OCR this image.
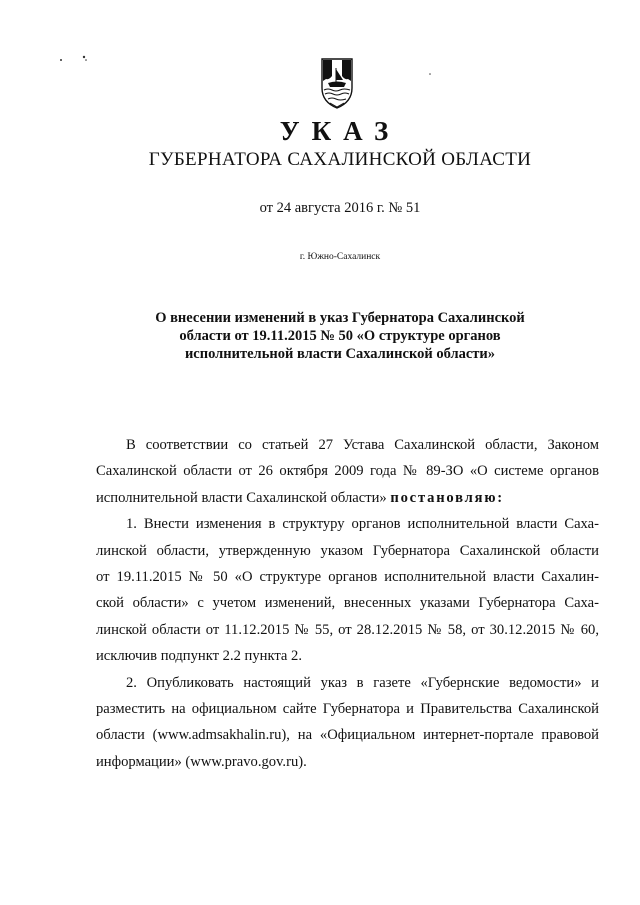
УКАЗ
ГУБЕРНАТОРА САХАЛИНСКОЙ ОБЛАСТИ
от 24 августа 2016 г. № 51
г. Южно-Сахалинск
О внесении изменений в указ Губернатора Сахалинской
области от 19.11.2015 № 50 «О структуре органов
исполнительной власти Сахалинской области»
В соответствии со статьей 27 Устава Сахалинской области, Законом
Сахалинской области от 26 октября 2009 года № 89-ЗО «О системе органов
исполнительной власти Сахалинской области» постановляю:
1. Внести изменения в структуру органов исполнительной власти Саха-
линской области, утвержденную указом Губернатора Сахалинской области
от 19.11.2015 № 50 «О структуре органов исполнительной власти Сахалин-
ской области» с учетом изменений, внесенных указами Губернатора Саха-
линской области от 11.12.2015 № 55, от 28.12.2015 № 58, от 30.12.2015 № 60,
исключив подпункт 2.2 пункта 2.
2. Опубликовать настоящий указ в газете «Губернские ведомости» и
разместить на официальном сайте Губернатора и Правительства Сахалинской
области (www.admsakhalin.ru), на «Официальном интернет-портале правовой
информации» (www.pravo.gov.ru).
